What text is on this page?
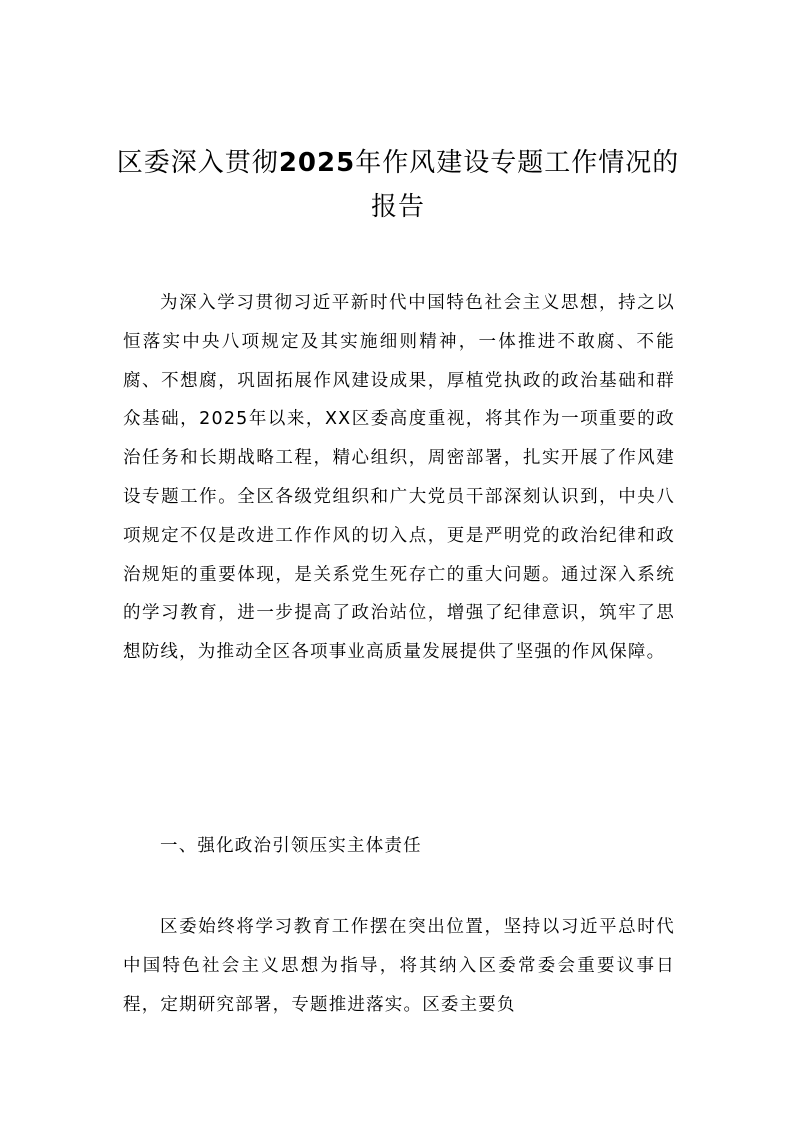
区委深入贯彻2025年作风建设专题工作情况的报告

为深入学习贯彻习近平新时代中国特色社会主义思想，持之以恒落实中央八项规定及其实施细则精神，一体推进不敢腐、不能腐、不想腐，巩固拓展作风建设成果，厚植党执政的政治基础和群众基础，2025年以来，XX区委高度重视，将其作为一项重要的政治任务和长期战略工程，精心组织，周密部署，扎实开展了作风建设专题工作。全区各级党组织和广大党员干部深刻认识到，中央八项规定不仅是改进工作作风的切入点，更是严明党的政治纪律和政治规矩的重要体现，是关系党生死存亡的重大问题。通过深入系统的学习教育，进一步提高了政治站位，增强了纪律意识，筑牢了思想防线，为推动全区各项事业高质量发展提供了坚强的作风保障。

一、强化政治引领压实主体责任

区委始终将学习教育工作摆在突出位置，坚持以习近平总时代中国特色社会主义思想为指导，将其纳入区委常委会重要议事日程，定期研究部署，专题推进落实。区委主要负
